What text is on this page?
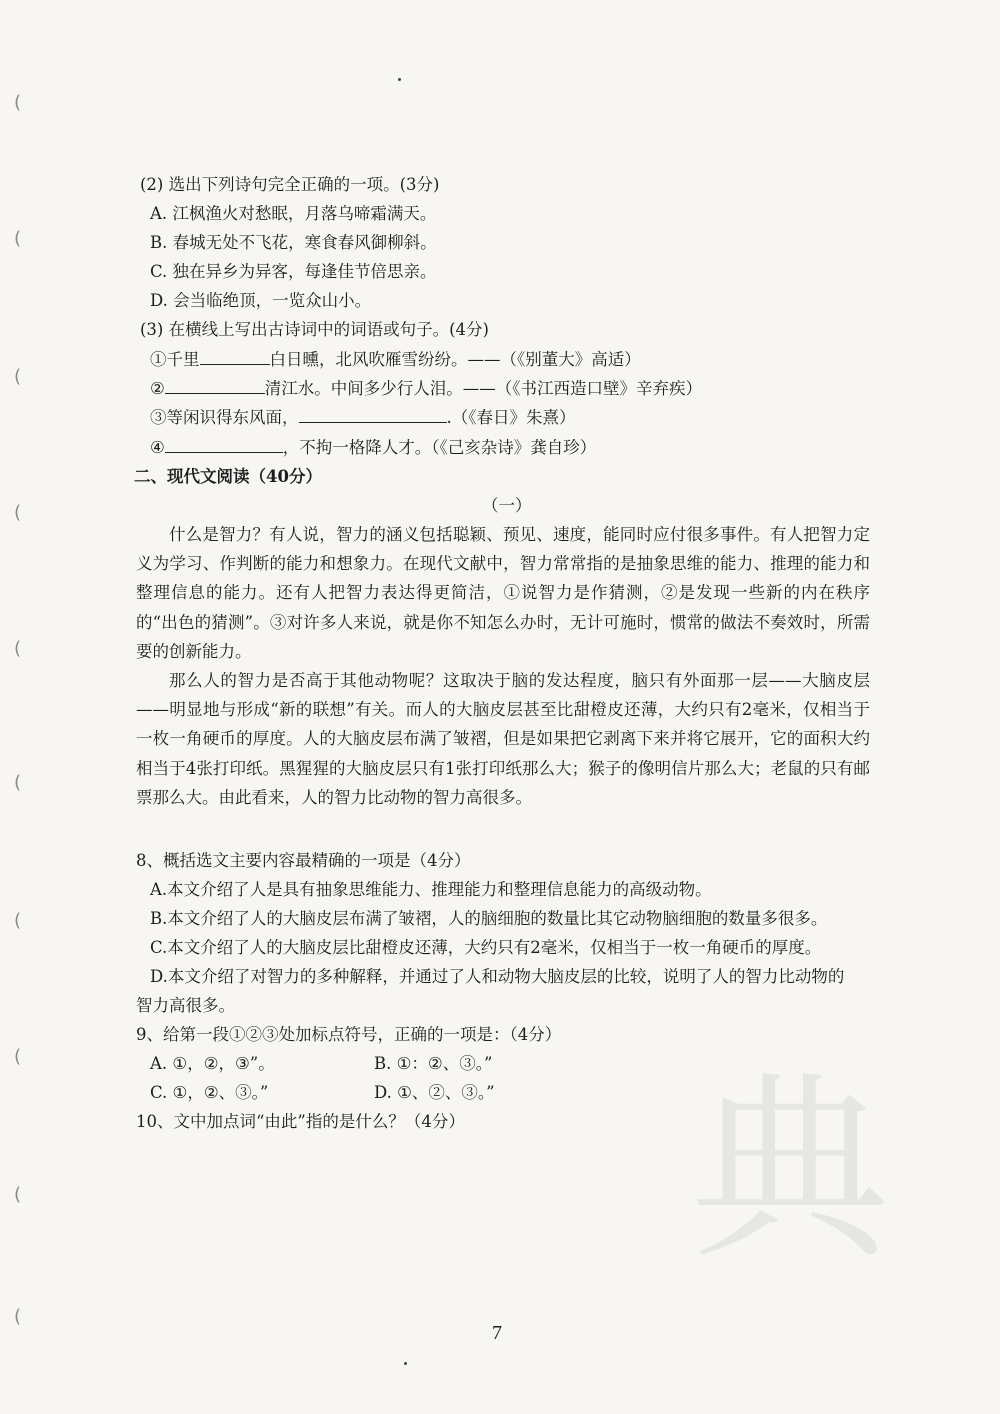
典
(
(
(
(
(
(
(
(
(
(
(2) 选出下列诗句完全正确的一项。(3分)
A. 江枫渔火对愁眠，月落乌啼霜满天。
B. 春城无处不飞花，寒食春风御柳斜。
C. 独在异乡为异客，每逢佳节倍思亲。
D. 会当临绝顶，一览众山小。
(3) 在横线上写出古诗词中的词语或句子。(4分)
①千里	白日曛，北风吹雁雪纷纷。——（《别董大》高适）
②	清江水。中间多少行人泪。——（《书江西造口壁》辛弃疾）
③等闲识得东风面，	.（《春日》朱熹）
④	，不拘一格降人才。（《己亥杂诗》龚自珍）
二、现代文阅读（40分）
（一）
什么是智力？有人说，智力的涵义包括聪颖、预见、速度，能同时应付很多事件。有人把智力定义为学习、作判断的能力和想象力。在现代文献中，智力常常指的是抽象思维的能力、推理的能力和整理信息的能力。还有人把智力表达得更简洁，①说智力是作猜测，②是发现一些新的内在秩序的“出色的猜测”。③对许多人来说，就是你不知怎么办时，无计可施时，惯常的做法不奏效时，所需要的创新能力。
那么人的智力是否高于其他动物呢？这取决于脑的发达程度，脑只有外面那一层——大脑皮层——明显地与形成“新的联想”有关。而人的大脑皮层甚至比甜橙皮还薄，大约只有2毫米，仅相当于一枚一角硬币的厚度。人的大脑皮层布满了皱褶，但是如果把它剥离下来并将它展开，它的面积大约相当于4张打印纸。黑猩猩的大脑皮层只有1张打印纸那么大；猴子的像明信片那么大；老鼠的只有邮票那么大。由此看来，人的智力比动物的智力高很多。
8、概括选文主要内容最精确的一项是（4分）
A.本文介绍了人是具有抽象思维能力、推理能力和整理信息能力的高级动物。
B.本文介绍了人的大脑皮层布满了皱褶，人的脑细胞的数量比其它动物脑细胞的数量多很多。
C.本文介绍了人的大脑皮层比甜橙皮还薄，大约只有2毫米，仅相当于一枚一角硬币的厚度。
D.本文介绍了对智力的多种解释，并通过了人和动物大脑皮层的比较，说明了人的智力比动物的
智力高很多。
9、给第一段①②③处加标点符号，正确的一项是：（4分）
A. ①，②，③”。	B. ①：②、③。”
C. ①，②、③。”	D. ①、②、③。”
10、文中加点词“由此”指的是什么？（4分）
7
